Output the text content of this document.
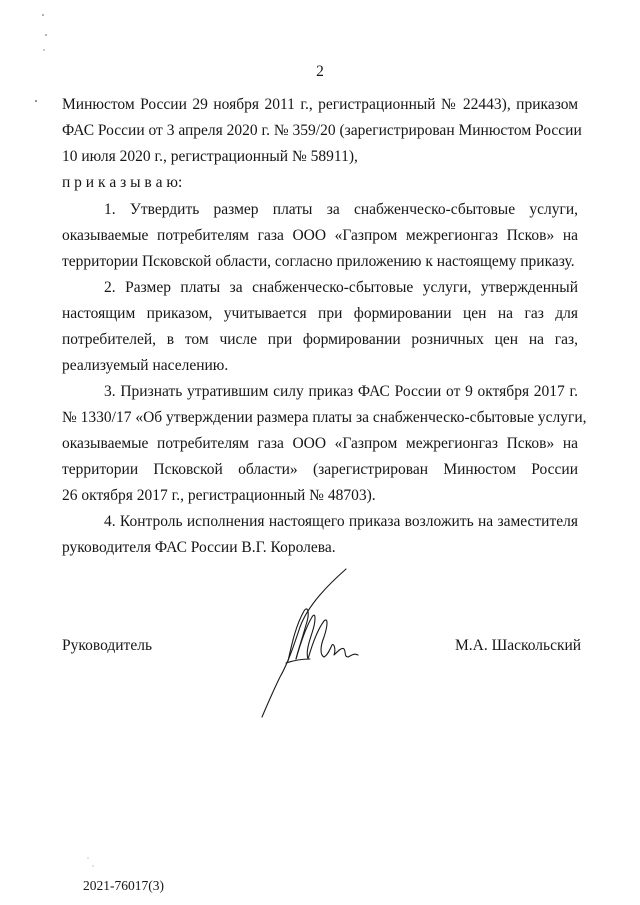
2
Минюстом России 29 ноября 2011 г., регистрационный № 22443), приказом
ФАС России от 3 апреля 2020 г. № 359/20 (зарегистрирован Минюстом России
10 июля 2020 г., регистрационный № 58911),
п р и к а з ы в а ю:
1. Утвердить размер платы за снабженческо-сбытовые услуги,
оказываемые потребителям газа ООО «Газпром межрегионгаз Псков» на
территории Псковской области, согласно приложению к настоящему приказу.
2. Размер платы за снабженческо-сбытовые услуги, утвержденный
настоящим приказом, учитывается при формировании цен на газ для
потребителей, в том числе при формировании розничных цен на газ,
реализуемый населению.
3. Признать утратившим силу приказ ФАС России от 9 октября 2017 г.
№ 1330/17 «Об утверждении размера платы за снабженческо-сбытовые услуги,
оказываемые потребителям газа ООО «Газпром межрегионгаз Псков» на
территории Псковской области» (зарегистрирован Минюстом России
26 октября 2017 г., регистрационный № 48703).
4. Контроль исполнения настоящего приказа возложить на заместителя
руководителя ФАС России В.Г. Королева.
Руководитель	М.А. Шаскольский
2021-76017(3)
